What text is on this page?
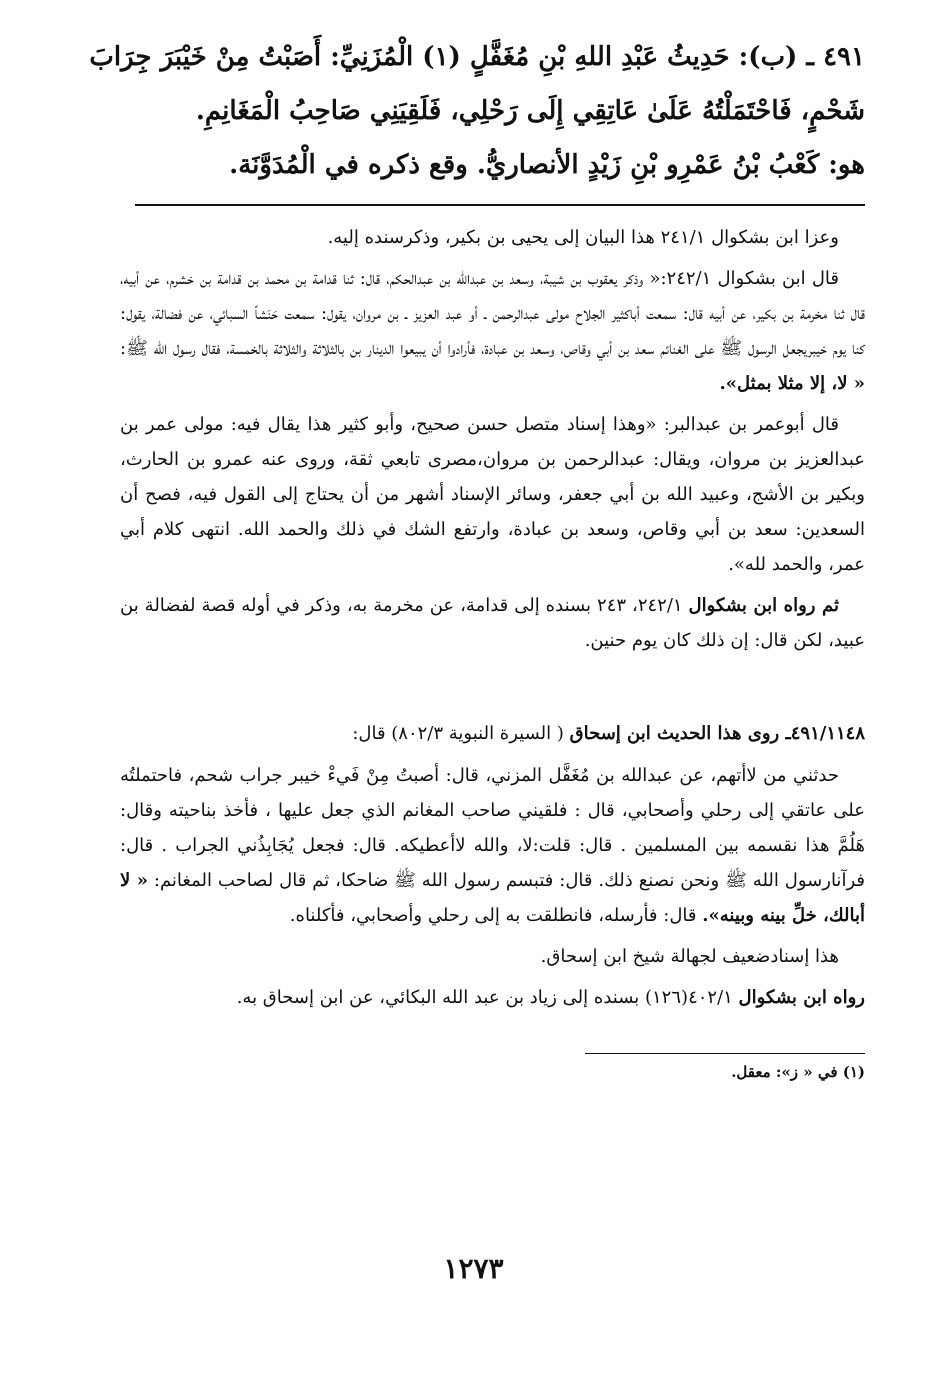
٤٩١ ـ (ب): حَدِيثُ عَبْدِ اللهِ بْنِ مُغَفَّلٍ (١) الْمُزَنِيِّ: أَصَبْتُ مِنْ خَيْبَرَ جِرَابَ
شَحْمٍ، فَاحْتَمَلْتُهُ عَلَىٰ عَاتِقِي إِلَى رَحْلِي، فَلَقِيَنِي صَاحِبُ الْمَغَانِمِ.
هو: كَعْبُ بْنُ عَمْرِو بْنِ زَيْدٍ الأنصاريُّ. وقع ذكره في الْمُدَوَّنَة.

وعزا ابن بشكوال ٢٤١/١ هذا البيان إلى يحيى بن بكير، وذكرسنده إليه.

قال ابن بشكوال ٢٤٢/١:« وذكر يعقوب بن شيبة، وسعد بن عبدالله بن عبدالحكم، قال: ثنا قدامة بن محمد بن قدامة بن خشرم، عن أبيه، قال ثنا مخرمة بن بكير، عن أبيه قال: سمعت أباكثير الجلاح مولى عبدالرحمن ـ أو عبد العزيز ـ بن مروان، يقول: سمعت حَنَشاً السبائي، عن فضالة، يقول: كنا يوم خيبريجعل الرسول ﷺ على الغنائم سعد بن أبي وقاص، وسعد بن عبادة، فأرادوا أن يبيعوا الدينار بن بالثلاثة والثلاثة بالخمسة، فقال رسول الله ﷺ: « لا، إلا مثلا بمثل».

قال أبوعمر بن عبدالبر: «وهذا إسناد متصل حسن صحيح، وأبو كثير هذا يقال فيه: مولى عمر بن عبدالعزيز بن مروان، ويقال: عبدالرحمن بن مروان،مصرى تابعي ثقة، وروى عنه عمرو بن الحارث، وبكير بن الأشج، وعبيد الله بن أبي جعفر، وسائر الإسناد أشهر من أن يحتاج إلى القول فيه، فصح أن السعدين: سعد بن أبي وقاص، وسعد بن عبادة، وارتفع الشك في ذلك والحمد الله. انتهى كلام أبي عمر، والحمد لله».

ثم رواه ابن بشكوال ٢٤٢/١، ٢٤٣ بسنده إلى قدامة، عن مخرمة به، وذكر في أوله قصة لفضالة بن عبيد، لكن قال: إن ذلك كان يوم حنين.

٤٩١/١١٤٨ـ روى هذا الحديث ابن إسحاق ( السيرة النبوية ٨٠٢/٣) قال:

حدثني من لاأتهم، عن عبدالله بن مُغَفَّل المزني، قال: أصبتُ مِنْ فَيءْ خيبر جراب شحم، فاحتملتُه على عاتقي إلى رحلي وأصحابي، قال : فلقيني صاحب المغانم الذي جعل عليها ، فأخذ بناحيته وقال: هَلُمَّ هذا نقسمه بين المسلمين . قال: قلت:لا، والله لاأعطيكه. قال: فجعل يُجَابِذُني الجراب . قال: فرآنارسول الله ﷺ ونحن نصنع ذلك. قال: فتبسم رسول الله ﷺ ضاحكا، ثم قال لصاحب المغانم: « لا أبالك، خلِّ بينه وبينه». قال: فأرسله، فانطلقت به إلى رحلي وأصحابي، فأكلناه.

هذا إسنادضعيف لجهالة شيخ ابن إسحاق.

رواه ابن بشكوال ٤٠٢/١(١٢٦) بسنده إلى زياد بن عبد الله البكائي، عن ابن إسحاق به.

(١) في « ز»: معقل.
١٢٧٣
